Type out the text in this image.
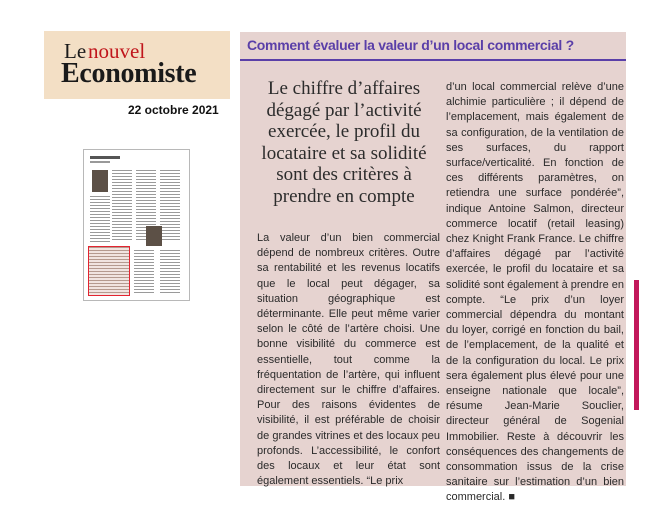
Le nouvel
Economiste
22 octobre 2021
Comment évaluer la valeur d’un local commercial ?
Le chiffre d’affaires dégagé par l’activité exercée, le profil du locataire et sa solidité sont des critères à prendre en compte
La valeur d’un bien commercial dépend de nombreux critères. Outre sa rentabilité et les revenus locatifs que le local peut dégager, sa situation géographique est déterminante. Elle peut même varier selon le côté de l’artère choisi. Une bonne visibilité du commerce est essentielle, tout comme la fréquentation de l’artère, qui influent directement sur le chiffre d’affaires. Pour des raisons évidentes de visibilité, il est préférable de choisir de grandes vitrines et des locaux peu profonds. L’accessibilité, le confort des locaux et leur état sont également essentiels. “Le prix
d’un local commercial relève d’une alchimie particulière ; il dépend de l’emplacement, mais également de sa configuration, de la ventilation de ses surfaces, du rapport surface/verticalité. En fonction de ces différents paramètres, on retiendra une surface pondérée”, indique Antoine Salmon, directeur commerce locatif (retail leasing) chez Knight Frank France. Le chiffre d’affaires dégagé par l’activité exercée, le profil du locataire et sa solidité sont également à prendre en compte. “Le prix d’un loyer commercial dépendra du montant du loyer, corrigé en fonction du bail, de l’emplacement, de la qualité et de la configuration du local. Le prix sera également plus élevé pour une enseigne nationale que locale”, résume Jean-Marie Souclier, directeur général de Sogenial Immobilier. Reste à découvrir les conséquences des changements de consommation issus de la crise sanitaire sur l’estimation d’un bien commercial. ■
